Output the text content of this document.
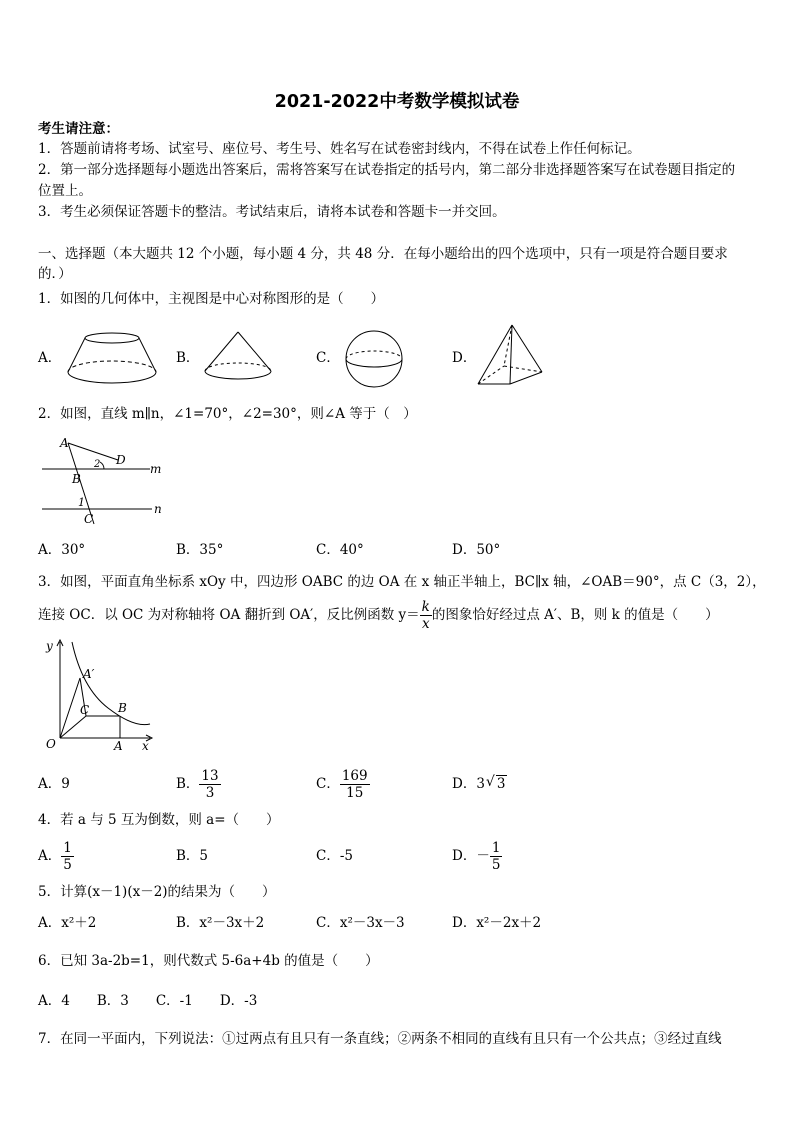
2021-2022中考数学模拟试卷
考生请注意：
1．答题前请将考场、试室号、座位号、考生号、姓名写在试卷密封线内，不得在试卷上作任何标记。
2．第一部分选择题每小题选出答案后，需将答案写在试卷指定的括号内，第二部分非选择题答案写在试卷题目指定的
位置上。
3．考生必须保证答题卡的整洁。考试结束后，请将本试卷和答题卡一并交回。
一、选择题（本大题共 12 个小题，每小题 4 分，共 48 分．在每小题给出的四个选项中，只有一项是符合题目要求
的．）
1．如图的几何体中，主视图是中心对称图形的是（　　）
A．	B．	C．	D．
2．如图，直线 m∥n，∠1=70°，∠2=30°，则∠A 等于（　）
A
D
2	m
B
1
C
n
A．30°	B．35°	C．40°	D．50°
3．如图，平面直角坐标系 xOy 中，四边形 OABC 的边 OA 在 x 轴正半轴上，BC∥x 轴，∠OAB＝90°，点 C（3，2），
连接 OC．以 OC 为对称轴将 OA 翻折到 OA′，反比例函数 $y= \frac{k}{x}$ 的图象恰好经过点 A′、B，则 k 的值是（　　）
y
A′
C B
O	A x
A．9	B． $\frac{13}{3}$	C． $\frac{169}{15}$	D．3 √ 3
4．若 a 与 5 互为倒数，则 a=（　　）
A． $\frac{1}{5}$	B．5	C．-5	D．－ $\frac{1}{5}$
5．计算(x－1)(x－2)的结果为（　　）
A．x²＋2	B．x²－3x＋2	C．x²－3x－3	D．x²－2x＋2
6．已知 3a-2b=1，则代数式 5-6a+4b 的值是（　　）
A．4　　B．3　　C．-1　　D．-3
7．在同一平面内，下列说法：①过两点有且只有一条直线；②两条不相同的直线有且只有一个公共点；③经过直线
